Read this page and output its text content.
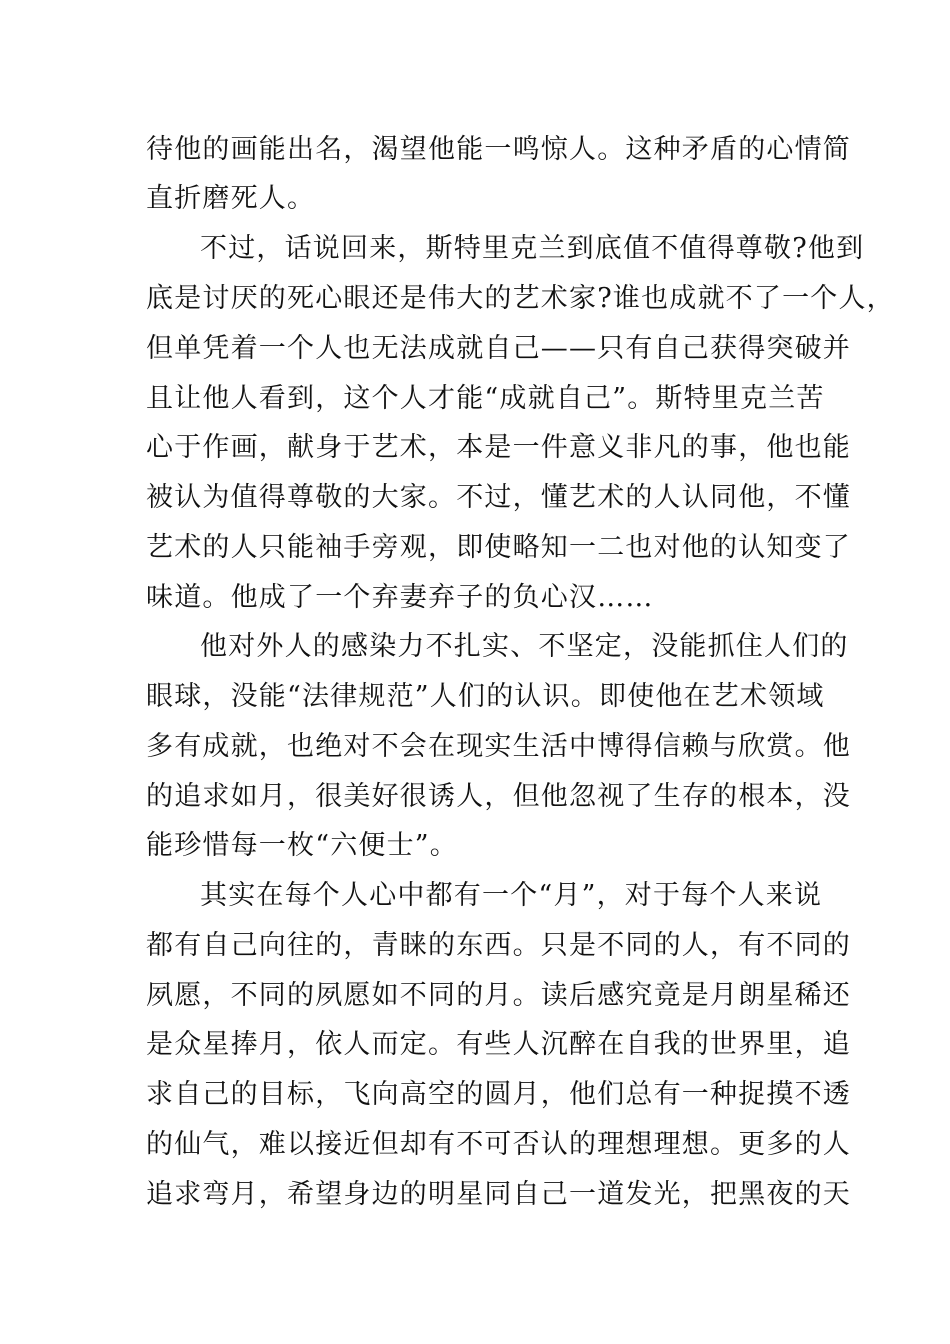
待他的画能出名，渴望他能一鸣惊人。这种矛盾的心情简
直折磨死人。
不过，话说回来，斯特里克兰到底值不值得尊敬?他到
底是讨厌的死心眼还是伟大的艺术家?谁也成就不了一个人，
但单凭着一个人也无法成就自己——只有自己获得突破并
且让他人看到，这个人才能“成就自己”。斯特里克兰苦
心于作画，献身于艺术，本是一件意义非凡的事，他也能
被认为值得尊敬的大家。不过，懂艺术的人认同他，不懂
艺术的人只能袖手旁观，即使略知一二也对他的认知变了
味道。他成了一个弃妻弃子的负心汉……
他对外人的感染力不扎实、不坚定，没能抓住人们的
眼球，没能“法律规范”人们的认识。即使他在艺术领域
多有成就，也绝对不会在现实生活中博得信赖与欣赏。他
的追求如月，很美好很诱人，但他忽视了生存的根本，没
能珍惜每一枚“六便士”。
其实在每个人心中都有一个“月”，对于每个人来说
都有自己向往的，青睐的东西。只是不同的人，有不同的
夙愿，不同的夙愿如不同的月。读后感究竟是月朗星稀还
是众星捧月，依人而定。有些人沉醉在自我的世界里，追
求自己的目标，飞向高空的圆月，他们总有一种捉摸不透
的仙气，难以接近但却有不可否认的理想理想。更多的人
追求弯月，希望身边的明星同自己一道发光，把黑夜的天
